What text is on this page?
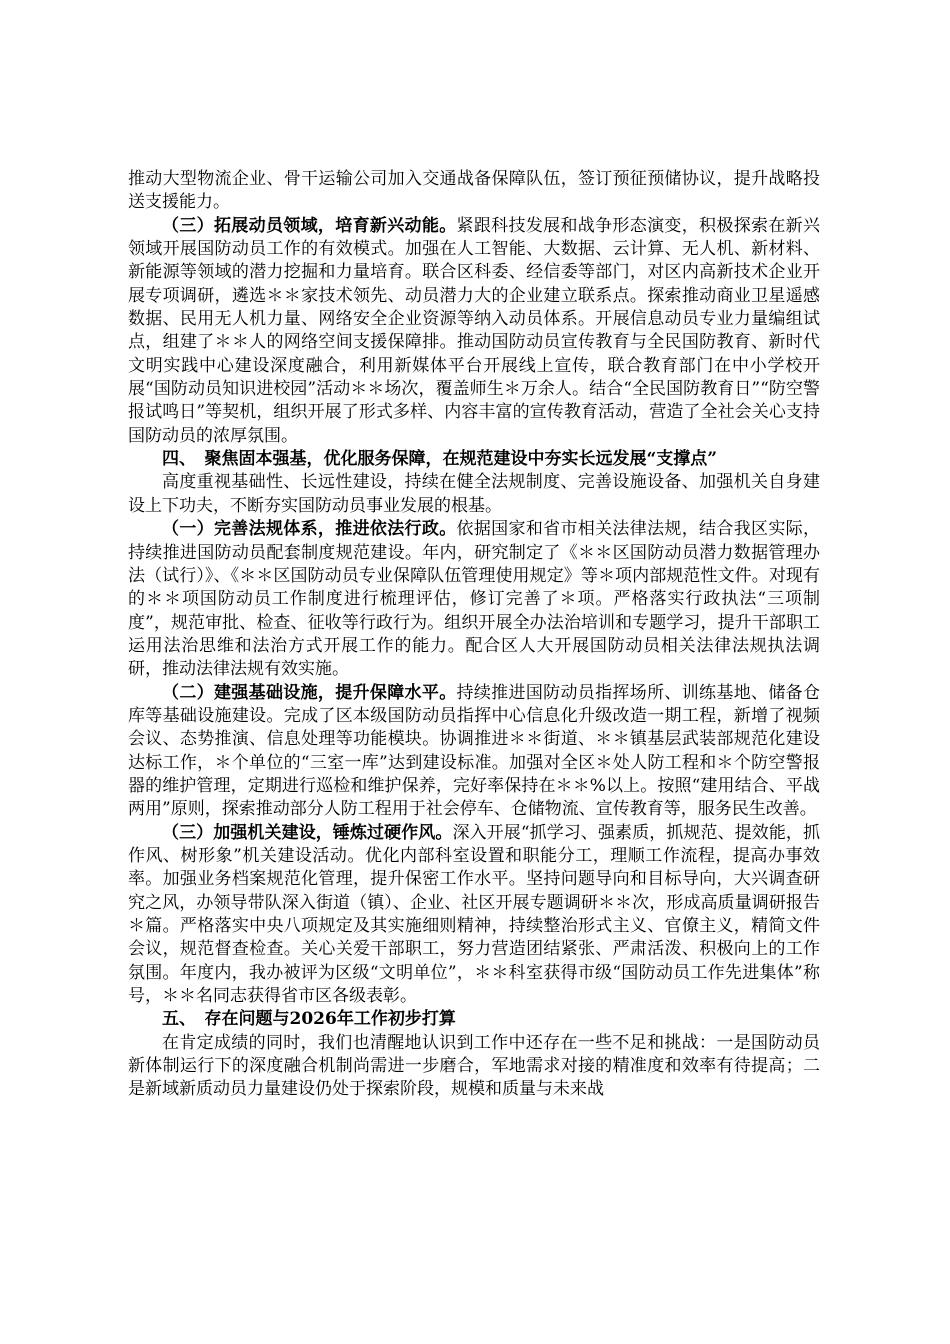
推动大型物流企业、骨干运输公司加入交通战备保障队伍，签订预征预储协议，提升战略投送支援能力。

（三）拓展动员领域，培育新兴动能。紧跟科技发展和战争形态演变，积极探索在新兴领域开展国防动员工作的有效模式。加强在人工智能、大数据、云计算、无人机、新材料、新能源等领域的潜力挖掘和力量培育。联合区科委、经信委等部门，对区内高新技术企业开展专项调研，遴选＊＊家技术领先、动员潜力大的企业建立联系点。探索推动商业卫星遥感数据、民用无人机力量、网络安全企业资源等纳入动员体系。开展信息动员专业力量编组试点，组建了＊＊人的网络空间支援保障排。推动国防动员宣传教育与全民国防教育、新时代文明实践中心建设深度融合，利用新媒体平台开展线上宣传，联合教育部门在中小学校开展“国防动员知识进校园”活动＊＊场次，覆盖师生＊万余人。结合“全民国防教育日”“防空警报试鸣日”等契机，组织开展了形式多样、内容丰富的宣传教育活动，营造了全社会关心支持国防动员的浓厚氛围。

四、　聚焦固本强基，优化服务保障，在规范建设中夯实长远发展“支撑点”

高度重视基础性、长远性建设，持续在健全法规制度、完善设施设备、加强机关自身建设上下功夫，不断夯实国防动员事业发展的根基。

（一）完善法规体系，推进依法行政。依据国家和省市相关法律法规，结合我区实际，持续推进国防动员配套制度规范建设。年内，研究制定了《＊＊区国防动员潜力数据管理办法（试行）》、《＊＊区国防动员专业保障队伍管理使用规定》等＊项内部规范性文件。对现有的＊＊项国防动员工作制度进行梳理评估，修订完善了＊项。严格落实行政执法“三项制度”，规范审批、检查、征收等行政行为。组织开展全办法治培训和专题学习，提升干部职工运用法治思维和法治方式开展工作的能力。配合区人大开展国防动员相关法律法规执法调研，推动法律法规有效实施。

（二）建强基础设施，提升保障水平。持续推进国防动员指挥场所、训练基地、储备仓库等基础设施建设。完成了区本级国防动员指挥中心信息化升级改造一期工程，新增了视频会议、态势推演、信息处理等功能模块。协调推进＊＊街道、＊＊镇基层武装部规范化建设达标工作，＊个单位的“三室一库”达到建设标准。加强对全区＊处人防工程和＊个防空警报器的维护管理，定期进行巡检和维护保养，完好率保持在＊＊%以上。按照“建用结合、平战两用”原则，探索推动部分人防工程用于社会停车、仓储物流、宣传教育等，服务民生改善。

（三）加强机关建设，锤炼过硬作风。深入开展“抓学习、强素质，抓规范、提效能，抓作风、树形象”机关建设活动。优化内部科室设置和职能分工，理顺工作流程，提高办事效率。加强业务档案规范化管理，提升保密工作水平。坚持问题导向和目标导向，大兴调查研究之风，办领导带队深入街道（镇）、企业、社区开展专题调研＊＊次，形成高质量调研报告＊篇。严格落实中央八项规定及其实施细则精神，持续整治形式主义、官僚主义，精简文件会议，规范督查检查。关心关爱干部职工，努力营造团结紧张、严肃活泼、积极向上的工作氛围。年度内，我办被评为区级“文明单位”，＊＊科室获得市级“国防动员工作先进集体”称号，＊＊名同志获得省市区各级表彰。

五、　存在问题与2026年工作初步打算

在肯定成绩的同时，我们也清醒地认识到工作中还存在一些不足和挑战：一是国防动员新体制运行下的深度融合机制尚需进一步磨合，军地需求对接的精准度和效率有待提高；二是新域新质动员力量建设仍处于探索阶段，规模和质量与未来战
